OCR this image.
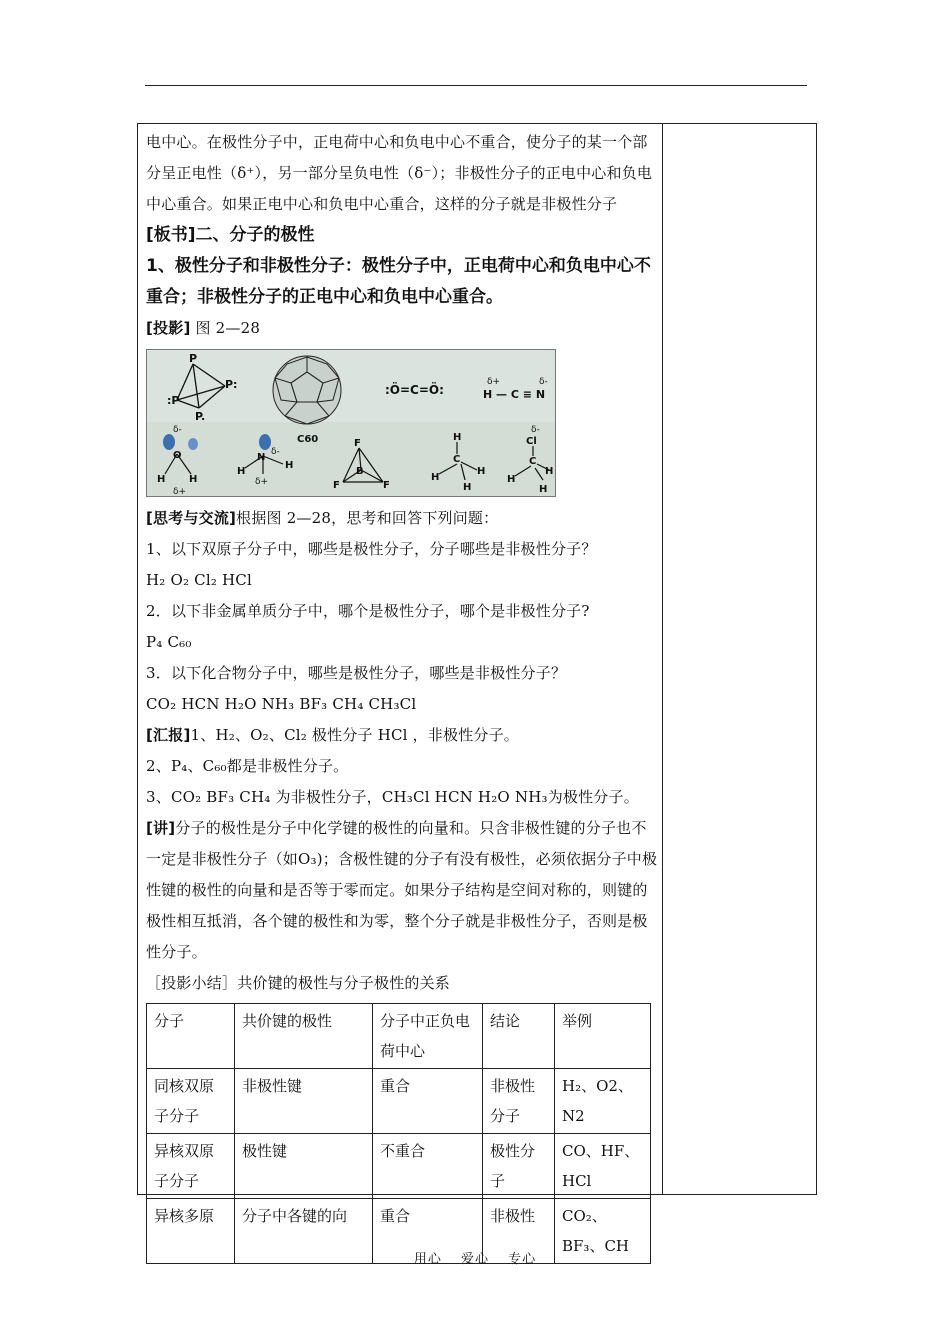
电中心。在极性分子中，正电荷中心和负电中心不重合，使分子的某一个部分呈正电性（δ⁺），另一部分呈负电性（δ⁻）；非极性分子的正电中心和负电中心重合。如果正电中心和负电中心重合，这样的分子就是非极性分子

[板书]二、分子的极性

1、极性分子和非极性分子：极性分子中，正电荷中心和负电中心不重合；非极性分子的正电中心和负电中心重合。

[投影] 图 2—28

P
:P
P:
P.
C60
:Ö=C=Ö:
δ+	δ-
H — C ≡ N
O
H H
δ-
δ+
N
H
H
δ-
δ+
F
B
F	F
H
C
H
H
H
Cl
C
H
H
H
δ-

[思考与交流]根据图 2—28，思考和回答下列问题：

1、以下双原子分子中，哪些是极性分子，分子哪些是非极性分子？

H₂ O₂ Cl₂ HCl

2．以下非金属单质分子中，哪个是极性分子，哪个是非极性分子?

P₄ C₆₀

3．以下化合物分子中，哪些是极性分子，哪些是非极性分子？

CO₂ HCN H₂O NH₃ BF₃ CH₄ CH₃Cl

[汇报]1、H₂、O₂、Cl₂ 极性分子 HCl ，非极性分子。

2、P₄、C₆₀都是非极性分子。

3、CO₂ BF₃ CH₄ 为非极性分子，CH₃Cl HCN H₂O NH₃为极性分子。

[讲]分子的极性是分子中化学键的极性的向量和。只含非极性键的分子也不一定是非极性分子（如O₃)；含极性键的分子有没有极性，必须依据分子中极性键的极性的向量和是否等于零而定。如果分子结构是空间对称的，则键的极性相互抵消，各个键的极性和为零，整个分子就是非极性分子，否则是极性分子。

［投影小结］共价键的极性与分子极性的关系

分子	共价键的极性	分子中正负电荷中心	结论	举例
同核双原子分子	非极性键	重合	非极性分子	H₂、O2、N2
异核双原子分子	极性键	不重合	极性分子	CO、HF、HCl
异核多原	分子中各键的向	重合	非极性	CO₂、BF₃、CH
用心 爱心 专心
